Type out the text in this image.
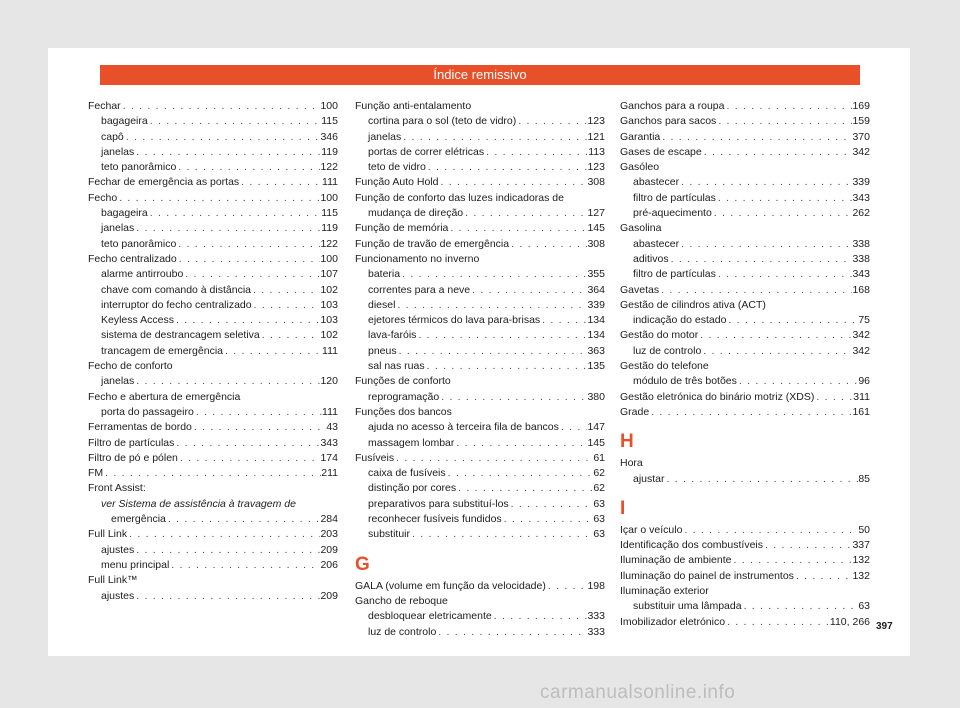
Índice remissivo
Fechar . . .	100
bagageira . . .	115
capô . . .	346
janelas . . .	119
teto panorâmico . . .	122
Fechar de emergência as portas . . .	111
Fecho . . .	100
bagageira . . .	115
janelas . . .	119
teto panorâmico . . .	122
Fecho centralizado . . .	100
alarme antirroubo . . .	107
chave com comando à distância . . .	102
interruptor do fecho centralizado . . .	103
Keyless Access . . .	103
sistema de destrancagem seletiva . . .	102
trancagem de emergência . . .	111
Fecho de conforto
janelas . . .	120
Fecho e abertura de emergência
porta do passageiro . . .	111
Ferramentas de bordo . . .	43
Filtro de partículas . . .	343
Filtro de pó e pólen . . .	174
FM . . .	211
Front Assist:
ver Sistema de assistência à travagem de
emergência . . .	284
Full Link . . .	203
ajustes . . .	209
menu principal . . .	206
Full Link™
ajustes . . .	209
Função anti-entalamento
cortina para o sol (teto de vidro) . . .	123
janelas . . .	121
portas de correr elétricas . . .	113
teto de vidro . . .	123
Função Auto Hold . . .	308
Função de conforto das luzes indicadoras de
mudança de direção . . .	127
Função de memória . . .	145
Função de travão de emergência . . .	308
Funcionamento no inverno
bateria . . .	355
correntes para a neve . . .	364
diesel . . .	339
ejetores térmicos do lava para-brisas . . .	134
lava-faróis . . .	134
pneus . . .	363
sal nas ruas . . .	135
Funções de conforto
reprogramação . . .	380
Funções dos bancos
ajuda no acesso à terceira fila de bancos . . .	147
massagem lombar . . .	145
Fusíveis . . .	61
caixa de fusíveis . . .	62
distinção por cores . . .	62
preparativos para substituí-los . . .	63
reconhecer fusíveis fundidos . . .	63
substituir . . .	63
G
GALA (volume em função da velocidade) . . .	198
Gancho de reboque
desbloquear eletricamente . . .	333
luz de controlo . . .	333
Ganchos para a roupa . . .	169
Ganchos para sacos . . .	159
Garantia . . .	370
Gases de escape . . .	342
Gasóleo
abastecer . . .	339
filtro de partículas . . .	343
pré-aquecimento . . .	262
Gasolina
abastecer . . .	338
aditivos . . .	338
filtro de partículas . . .	343
Gavetas . . .	168
Gestão de cilindros ativa (ACT)
indicação do estado . . .	75
Gestão do motor . . .	342
luz de controlo . . .	342
Gestão do telefone
módulo de três botões . . .	96
Gestão eletrónica do binário motriz (XDS) . . .	311
Grade . . .	161
H
Hora
ajustar . . .	85
I
Içar o veículo . . .	50
Identificação dos combustíveis . . .	337
Iluminação de ambiente . . .	132
Iluminação do painel de instrumentos . . .	132
Iluminação exterior
substituir uma lâmpada . . .	63
Imobilizador eletrónico . . .	110, 266 397
carmanualsonline.info
